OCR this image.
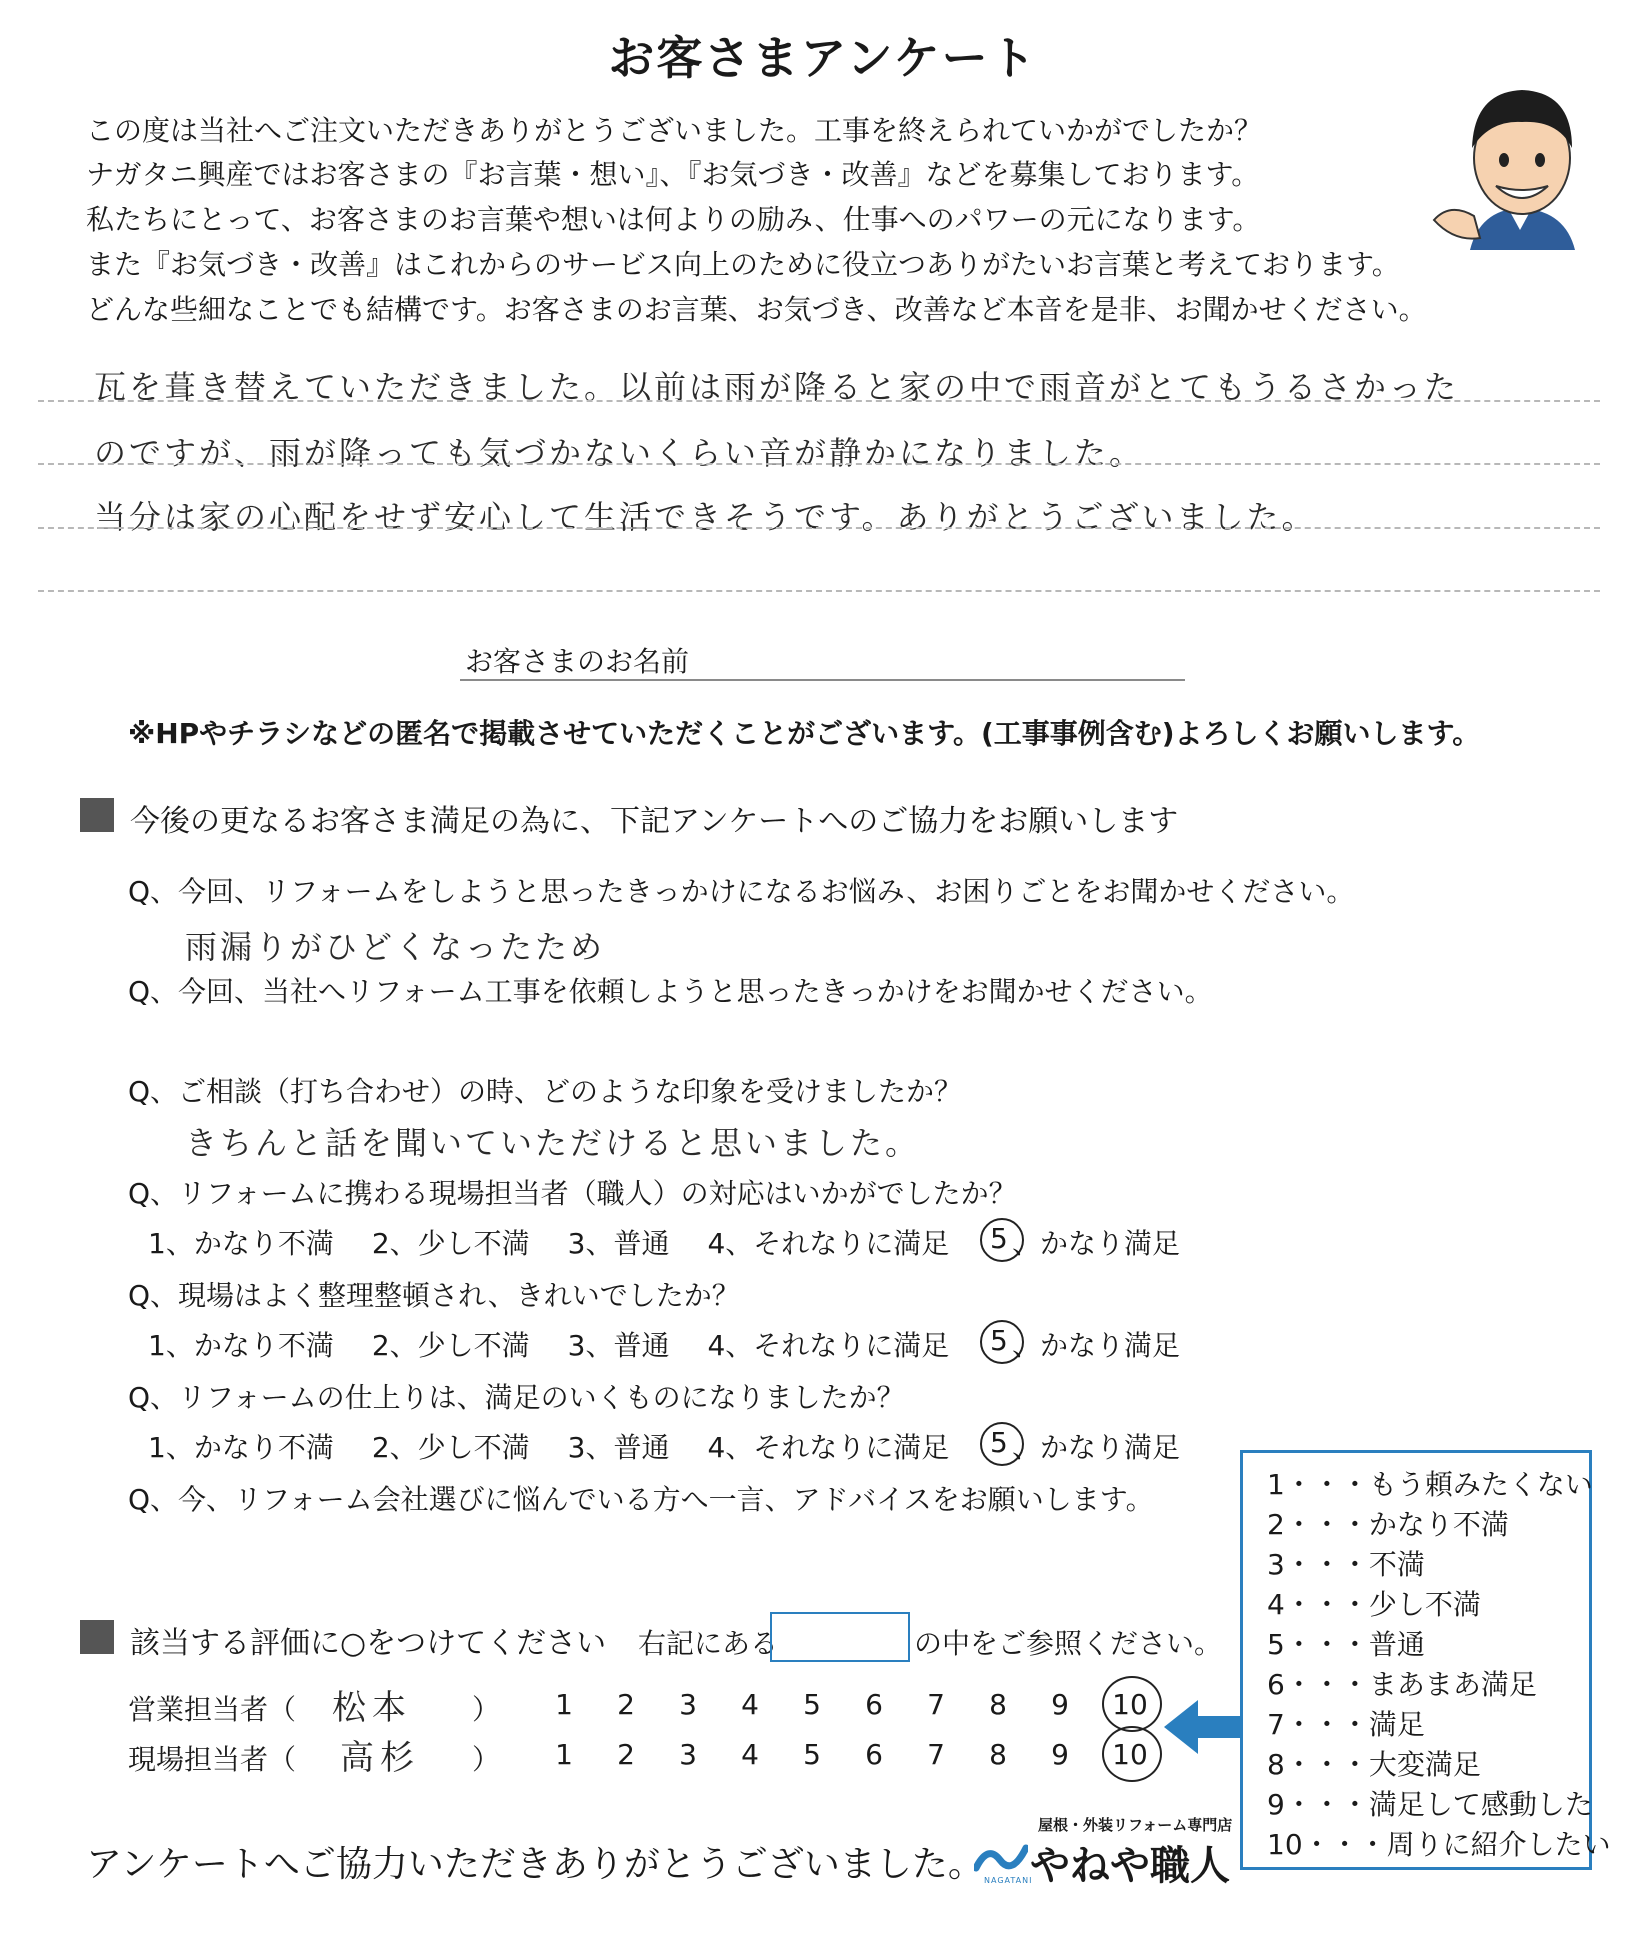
お客さまアンケート
この度は当社へご注文いただきありがとうございました。工事を終えられていかがでしたか？
ナガタニ興産ではお客さまの『お言葉・想い』、『お気づき・改善』などを募集しております。
私たちにとって、お客さまのお言葉や想いは何よりの励み、仕事へのパワーの元になります。
また『お気づき・改善』はこれからのサービス向上のために役立つありがたいお言葉と考えております。
どんな些細なことでも結構です。お客さまのお言葉、お気づき、改善など本音を是非、お聞かせください。
瓦を葺き替えていただきました。以前は雨が降ると家の中で雨音がとてもうるさかった
のですが、雨が降っても気づかないくらい音が静かになりました。
当分は家の心配をせず安心して生活できそうです。ありがとうございました。
お客さまのお名前
※HPやチラシなどの匿名で掲載させていただくことがございます。(工事事例含む)よろしくお願いします。
今後の更なるお客さま満足の為に、下記アンケートへのご協力をお願いします
Q、今回、リフォームをしようと思ったきっかけになるお悩み、お困りごとをお聞かせください。
雨漏りがひどくなったため
Q、今回、当社へリフォーム工事を依頼しようと思ったきっかけをお聞かせください。
Q、ご相談（打ち合わせ）の時、どのような印象を受けましたか？
きちんと話を聞いていただけると思いました。
Q、リフォームに携わる現場担当者（職人）の対応はいかがでしたか？
1、かなり不満 2、少し不満 3、普通 4、それなりに満足	5 、かなり満足
Q、現場はよく整理整頓され、きれいでしたか？
1、かなり不満 2、少し不満 3、普通 4、それなりに満足	5 、かなり満足
Q、リフォームの仕上りは、満足のいくものになりましたか？
1、かなり不満 2、少し不満 3、普通 4、それなりに満足	5 、かなり満足
Q、今、リフォーム会社選びに悩んでいる方へ一言、アドバイスをお願いします。
該当する評価に○をつけてください 右記にある	の中をご参照ください。
営業担当者（ 松本 ）	1	2	3	4	5	6	7	8	9	10
現場担当者（ 高杉 ）	1	2	3	4	5	6	7	8	9	10
1・・・もう頼みたくない
2・・・かなり不満
3・・・不満
4・・・少し不満
5・・・普通
6・・・まあまあ満足
7・・・満足
8・・・大変満足
9・・・満足して感動した
10・・・周りに紹介したい
アンケートへご協力いただきありがとうございました。 NAGATANI
屋根・外装リフォーム専門店
やねや職人
